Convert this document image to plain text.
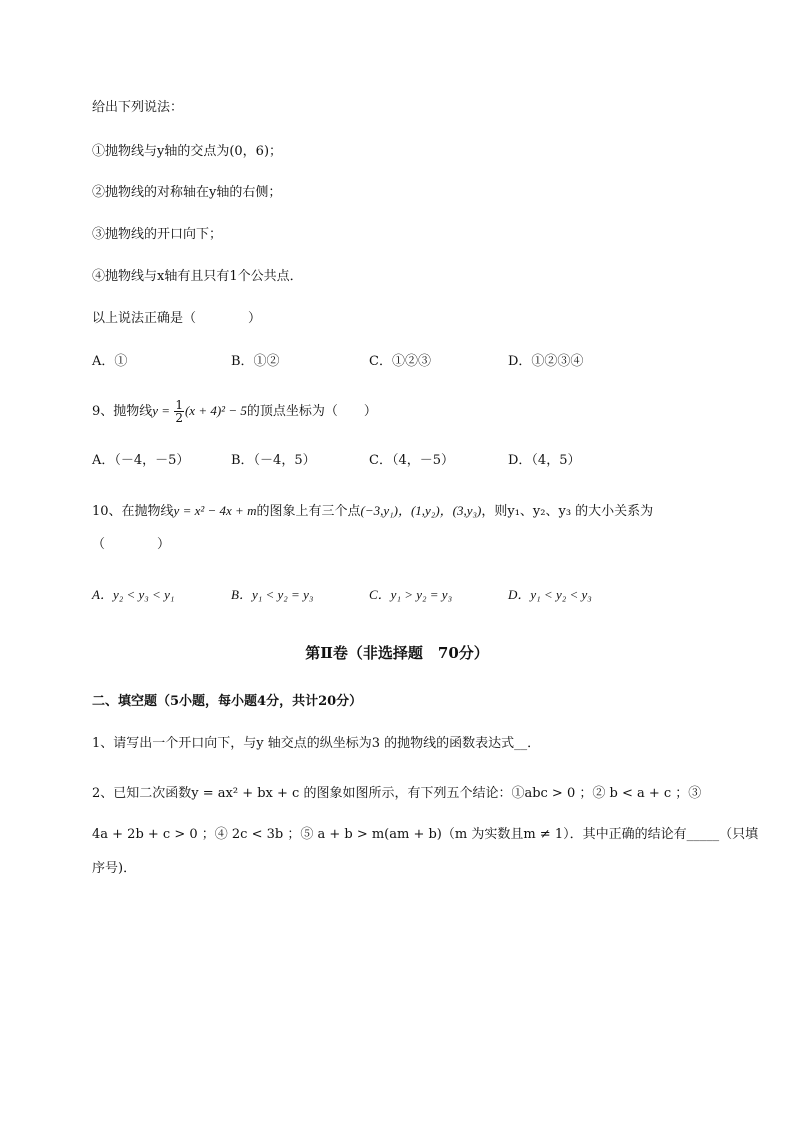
给出下列说法：
①抛物线与y轴的交点为(0，6)；
②抛物线的对称轴在y轴的右侧；
③抛物线的开口向下；
④抛物线与x轴有且只有1个公共点．
以上说法正确是（　　　　）
A．①	B．①②	C．①②③	D．①②③④
9、抛物线$y = \frac{1}{2} (x + 4)^2 - 5$的顶点坐标为（　　）
A．（－4，－5）	B．（－4，5）	C．（4，－5）	D．（4，5）
10、在抛物线y = x² − 4x + m的图象上有三个点(−3,y₁)，(1,y₂)，(3,y₃)，则y₁、y₂、y₃ 的大小关系为
（　　　　）
A．y₂ < y₃ < y₁	B．y₁ < y₂ = y₃	C．y₁ > y₂ = y₃	D．y₁ < y₂ < y₃
第Ⅱ卷（非选择题　70分）
二、填空题（5小题，每小题4分，共计20分）
1、请写出一个开口向下，与y 轴交点的纵坐标为3 的抛物线的函数表达式__．
2、已知二次函数y = ax² + bx + c 的图象如图所示，有下列五个结论：①abc > 0 ；② b < a + c ；③
4a + 2b + c > 0 ；④ 2c < 3b ；⑤ a + b > m(am + b)（m 为实数且m ≠ 1）．其中正确的结论有_____（只填
序号)．
